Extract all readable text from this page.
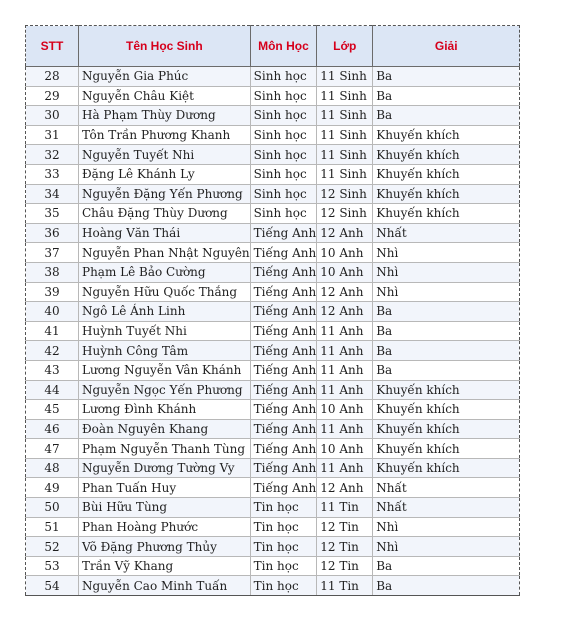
STT	Tên Học Sinh	Môn Học	Lớp	Giải
28	Nguyễn Gia Phúc	Sinh học	11 Sinh	Ba
29	Nguyễn Châu Kiệt	Sinh học	11 Sinh	Ba
30	Hà Phạm Thùy Dương	Sinh học	11 Sinh	Ba
31	Tôn Trần Phương Khanh	Sinh học	11 Sinh	Khuyến khích
32	Nguyễn Tuyết Nhi	Sinh học	11 Sinh	Khuyến khích
33	Đặng Lê Khánh Ly	Sinh học	11 Sinh	Khuyến khích
34	Nguyễn Đặng Yến Phương	Sinh học	12 Sinh	Khuyến khích
35	Châu Đặng Thùy Dương	Sinh học	12 Sinh	Khuyến khích
36	Hoàng Văn Thái	Tiếng Anh	12 Anh	Nhất
37	Nguyễn Phan Nhật Nguyên	Tiếng Anh	10 Anh	Nhì
38	Phạm Lê Bảo Cường	Tiếng Anh	10 Anh	Nhì
39	Nguyễn Hữu Quốc Thắng	Tiếng Anh	12 Anh	Nhì
40	Ngô Lê Ánh Linh	Tiếng Anh	12 Anh	Ba
41	Huỳnh Tuyết Nhi	Tiếng Anh	11 Anh	Ba
42	Huỳnh Công Tâm	Tiếng Anh	11 Anh	Ba
43	Lương Nguyễn Vân Khánh	Tiếng Anh	11 Anh	Ba
44	Nguyễn Ngọc Yến Phương	Tiếng Anh	11 Anh	Khuyến khích
45	Lương Đình Khánh	Tiếng Anh	10 Anh	Khuyến khích
46	Đoàn Nguyên Khang	Tiếng Anh	11 Anh	Khuyến khích
47	Phạm Nguyễn Thanh Tùng	Tiếng Anh	10 Anh	Khuyến khích
48	Nguyễn Dương Tường Vy	Tiếng Anh	11 Anh	Khuyến khích
49	Phan Tuấn Huy	Tiếng Anh	12 Anh	Nhất
50	Bùi Hữu Tùng	Tin học	11 Tin	Nhất
51	Phan Hoàng Phước	Tin học	12 Tin	Nhì
52	Võ Đặng Phương Thủy	Tin học	12 Tin	Nhì
53	Trần Vỹ Khang	Tin học	12 Tin	Ba
54	Nguyễn Cao Minh Tuấn	Tin học	11 Tin	Ba
